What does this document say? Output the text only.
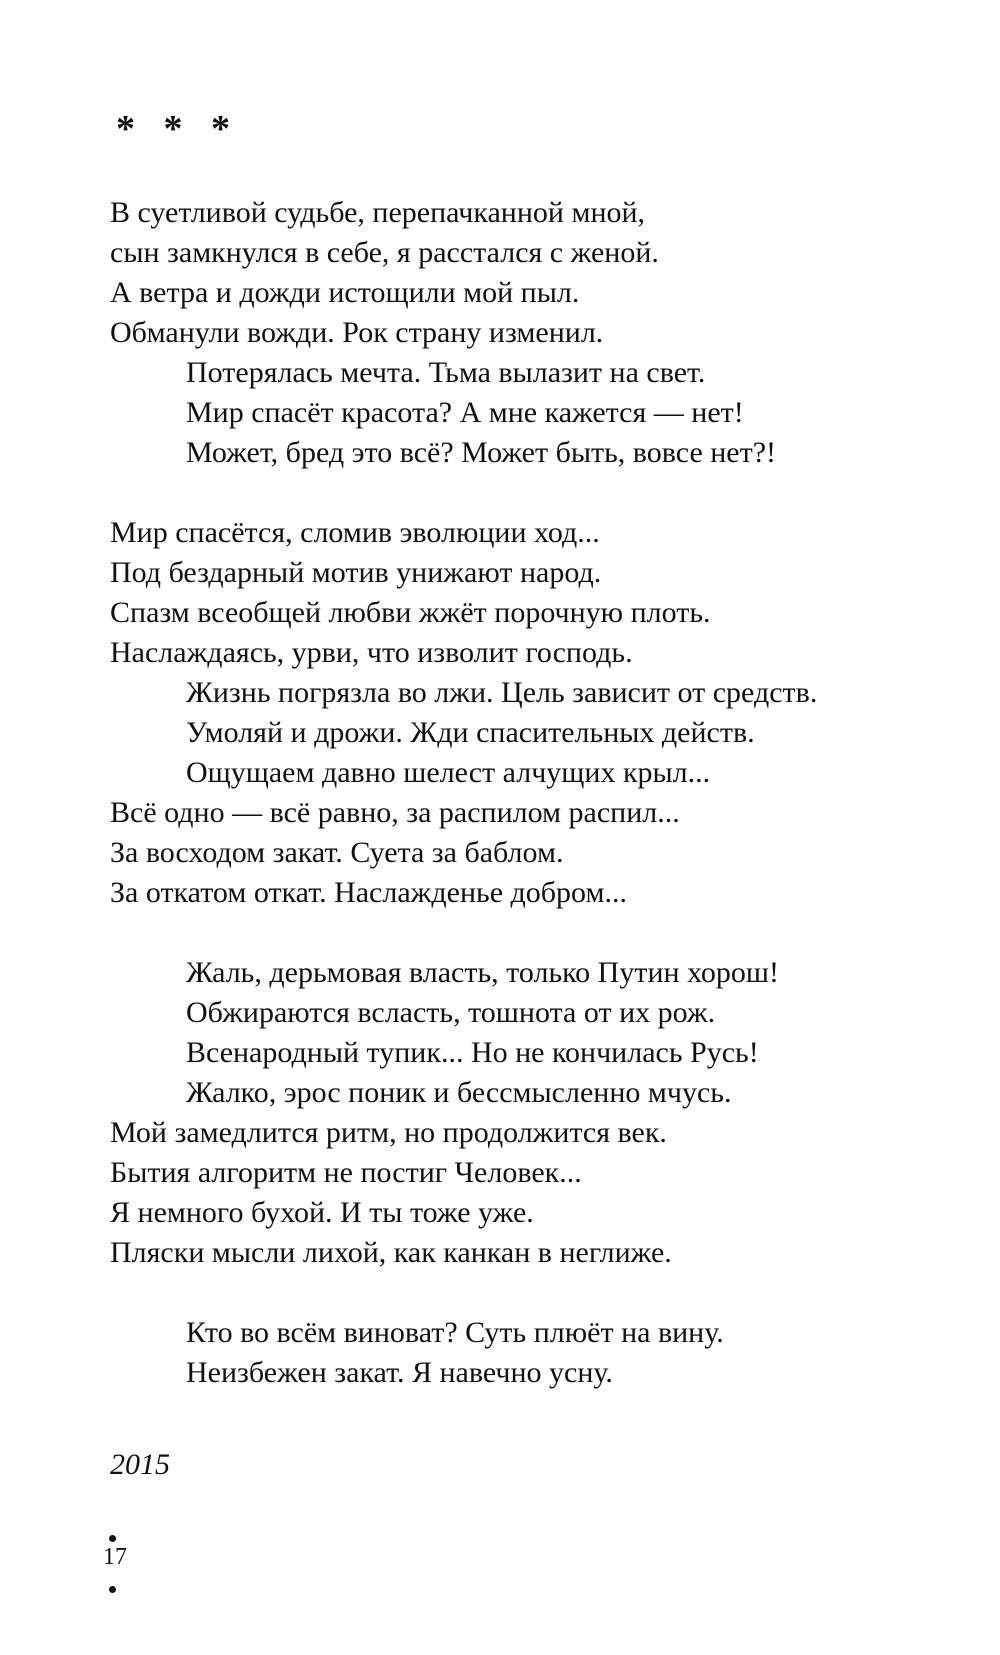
*   *   *
В суетливой судьбе, перепачканной мной,
сын замкнулся в себе, я расстался с женой.
А ветра и дожди истощили мой пыл.
Обманули вожди. Рок страну изменил.
Потерялась мечта. Тьма вылазит на свет.
Мир спасёт красота? А мне кажется — нет!
Может, бред это всё? Может быть, вовсе нет?!
Мир спасётся, сломив эволюции ход...
Под бездарный мотив унижают народ.
Спазм всеобщей любви жжёт порочную плоть.
Наслаждаясь, урви, что изволит господь.
Жизнь погрязла во лжи. Цель зависит от средств.
Умоляй и дрожи. Жди спасительных действ.
Ощущаем давно шелест алчущих крыл...
Всё одно — всё равно, за распилом распил...
За восходом закат. Суета за баблом.
За откатом откат. Наслажденье добром...
Жаль, дерьмовая власть, только Путин хорош!
Обжираются всласть, тошнота от их рож.
Всенародный тупик... Но не кончилась Русь!
Жалко, эрос поник и бессмысленно мчусь.
Мой замедлится ритм, но продолжится век.
Бытия алгоритм не постиг Человек...
Я немного бухой. И ты тоже уже.
Пляски мысли лихой, как канкан в неглиже.
Кто во всём виноват? Суть плюёт на вину.
Неизбежен закат. Я навечно усну.
2015
17
